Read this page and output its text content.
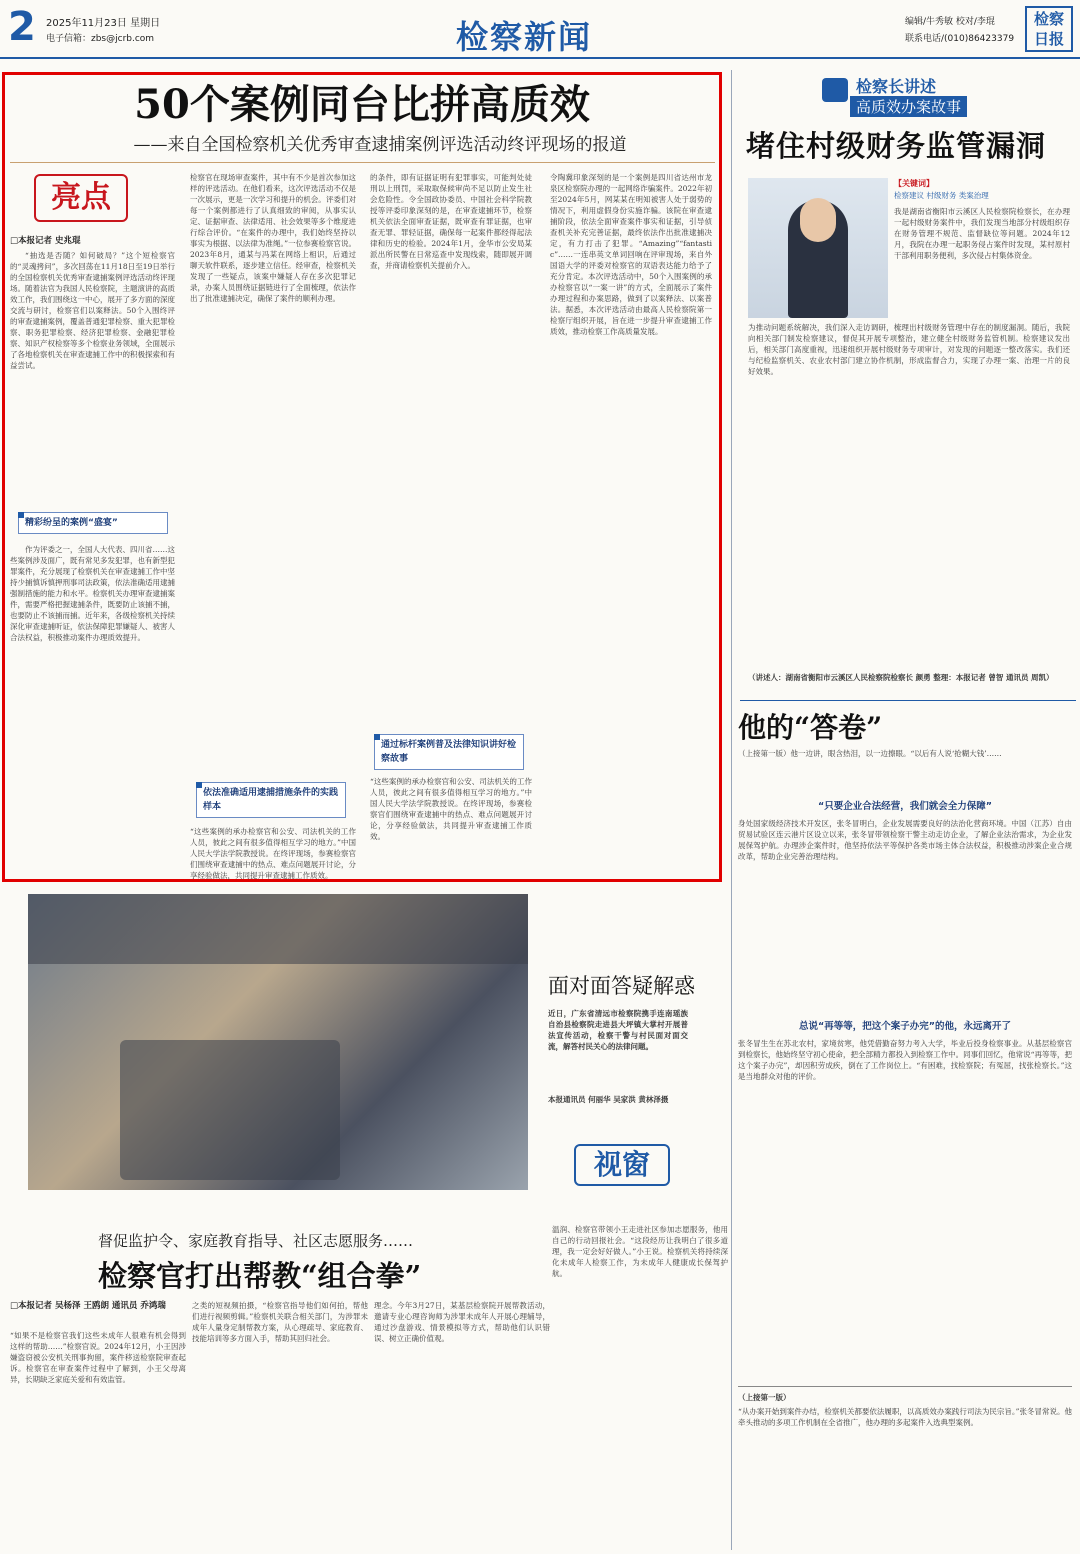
2 2025年11月23日 星期日
电子信箱：zbs@jcrb.com	检察新闻	编辑/牛秀敏 校对/李琨
联系电话/(010)86423379
检察日报
50个案例同台比拼高质效
——来自全国检察机关优秀审查逮捕案例评选活动终评现场的报道
亮点
□本报记者 史兆琨
“抽选是否随？如何破局？”这个短检察官的“灵魂拷问”，多次回荡在11月18日至19日举行的全国检察机关优秀审查逮捕案例评选活动终评现场。随着法官为我国人民检察院，主题演讲的高质效工作，我们围绕这一中心，展开了多方面的深度交流与研讨，检察官们以案释法。50个入围终评的审查逮捕案例，覆盖普通犯罪检察、重大犯罪检察、职务犯罪检察、经济犯罪检察、金融犯罪检察、知识产权检察等多个检察业务领域，全面展示了各地检察机关在审查逮捕工作中的积极探索和有益尝试。
精彩纷呈的案例“盛宴”
作为评委之一，全国人大代表、四川省……这些案例涉及面广，既有常见多发犯罪，也有新型犯罪案件，充分展现了检察机关在审查逮捕工作中坚持少捕慎诉慎押刑事司法政策，依法准确适用逮捕强制措施的能力和水平。检察机关办理审查逮捕案件，需要严格把握逮捕条件，既要防止该捕不捕，也要防止不该捕而捕。近年来，各级检察机关持续深化审查逮捕听证，依法保障犯罪嫌疑人、被害人合法权益，积极推动案件办理质效提升。
检察官在现场审查案件，其中有不少是首次参加这样的评选活动。在他们看来，这次评选活动不仅是一次展示，更是一次学习和提升的机会。评委们对每一个案例都进行了认真细致的审阅，从事实认定、证据审查、法律适用、社会效果等多个维度进行综合评价。“在案件的办理中，我们始终坚持以事实为根据、以法律为准绳。”一位参赛检察官说。2023年8月，通某与冯某在网络上相识，后通过聊天软件联系，逐步建立信任。经审查，检察机关发现了一些疑点，该案中嫌疑人存在多次犯罪记录，办案人员围绕证据链进行了全面梳理，依法作出了批准逮捕决定，确保了案件的顺利办理。
依法准确适用逮捕措施条件的实践样本
“这些案例的承办检察官和公安、司法机关的工作人员，彼此之间有很多值得相互学习的地方。”中国人民大学法学院教授说。在终评现场，参赛检察官们围绕审查逮捕中的热点、难点问题展开讨论，分享经验做法，共同提升审查逮捕工作质效。
的条件，即有证据证明有犯罪事实，可能判处徒刑以上刑罚，采取取保候审尚不足以防止发生社会危险性。令全国政协委员、中国社会科学院教授等评委印象深刻的是，在审查逮捕环节，检察机关依法全面审查证据，既审查有罪证据，也审查无罪、罪轻证据，确保每一起案件都经得起法律和历史的检验。2024年1月，金华市公安局某派出所民警在日常巡查中发现线索，随即展开调查，并商请检察机关提前介入。
通过标杆案例普及法律知识讲好检察故事
“这些案例的承办检察官和公安、司法机关的工作人员，彼此之间有很多值得相互学习的地方。”中国人民大学法学院教授说。在终评现场，参赛检察官们围绕审查逮捕中的热点、难点问题展开讨论，分享经验做法，共同提升审查逮捕工作质效。
令陶冀印象深刻的是一个案例是四川省达州市龙泉区检察院办理的一起网络诈骗案件。2022年初至2024年5月，网某某在明知被害人处于弱势的情况下，利用虚假身份实施诈骗。该院在审查逮捕阶段，依法全面审查案件事实和证据，引导侦查机关补充完善证据，最终依法作出批准逮捕决定，有力打击了犯罪。“Amazing”“fantastic”……一连串英文单词回响在评审现场，来自外国语大学的评委对检察官的双语表达能力给予了充分肯定。本次评选活动中，50个入围案例的承办检察官以“一案一讲”的方式，全面展示了案件办理过程和办案思路，做到了以案释法、以案普法。据悉，本次评选活动由最高人民检察院第一检察厅组织开展，旨在进一步提升审查逮捕工作质效，推动检察工作高质量发展。
检察长讲述
高质效办案故事
堵住村级财务监管漏洞
【关键词】
检察建议 村级财务 类案治理
我是湖南省衡阳市云溪区人民检察院检察长，在办理一起村级财务案件中，我们发现当地部分村级组织存在财务管理不规范、监督缺位等问题。2024年12月，我院在办理一起职务侵占案件时发现，某村原村干部利用职务便利，多次侵占村集体资金。
为推动问题系统解决，我们深入走访调研，梳理出村级财务管理中存在的制度漏洞。随后，我院向相关部门制发检察建议，督促其开展专项整治，建立健全村级财务监管机制。检察建议发出后，相关部门高度重视，迅速组织开展村级财务专项审计，对发现的问题逐一整改落实。我们还与纪检监察机关、农业农村部门建立协作机制，形成监督合力，实现了办理一案、治理一片的良好效果。
（讲述人：湖南省衡阳市云溪区人民检察院检察长 颜勇 整理：本报记者 曾智 通讯员 周凯）
他的“答卷”
（上接第一版）他一边讲，眼含热泪，以一边擦眼。“以后有人说‘抢糊大钱’……
“只要企业合法经营，我们就会全力保障”
身处国家级经济技术开发区，张冬冒明白，企业发展需要良好的法治化营商环境。中国（江苏）自由贸易试验区连云港片区设立以来，张冬冒带领检察干警主动走访企业，了解企业法治需求，为企业发展保驾护航。办理涉企案件时，他坚持依法平等保护各类市场主体合法权益，积极推动涉案企业合规改革，帮助企业完善治理结构。
总说“再等等，把这个案子办完”的他，永远离开了
张冬冒生生在苏北农村，家境贫寒，他凭借勤奋努力考入大学，毕业后投身检察事业。从基层检察官到检察长，他始终坚守初心使命，把全部精力都投入到检察工作中。同事们回忆，他常说“再等等，把这个案子办完”，却因积劳成疾，倒在了工作岗位上。“有困难，找检察院；有冤屈，找张检察长。”这是当地群众对他的评价。
（上接第一版）
“从办案开始到案件办结，检察机关都要依法履职，以高质效办案践行司法为民宗旨。”张冬冒常说。他牵头推动的多项工作机制在全省推广，他办理的多起案件入选典型案例。
面对面答疑解惑
近日，广东省清远市检察院携手连南瑶族自治县检察院走进县大坪镇大掌村开展普法宣传活动，检察干警与村民面对面交流，解答村民关心的法律问题。
本报通讯员 何丽华 吴家洪 黄林泽摄
视窗
督促监护令、家庭教育指导、社区志愿服务……
检察官打出帮教“组合拳”
□本报记者 吴杨泽 王鸥朗 通讯员 乔鸿瑞
“如果不是检察官我们这些未成年人很难有机会得到这样的帮助……”检察官说。2024年12月，小王因涉嫌盗窃被公安机关刑事拘留，案件移送检察院审查起诉。检察官在审查案件过程中了解到，小王父母离异，长期缺乏家庭关爱和有效监管。
之类的短视频拍摄，“检察官指导他们如何拍，帮他们进行视频剪辑。”检察机关联合相关部门，为涉罪未成年人量身定制帮教方案，从心理疏导、家庭教育、技能培训等多方面入手，帮助其回归社会。
理念。今年3月27日，某基层检察院开展帮教活动，邀请专业心理咨询师为涉罪未成年人开展心理辅导，通过沙盘游戏、情景模拟等方式，帮助他们认识错误、树立正确价值观。
温润、检察官带领小王走进社区参加志愿服务，他用自己的行动回报社会。“这段经历让我明白了很多道理，我一定会好好做人。”小王说。检察机关将持续深化未成年人检察工作，为未成年人健康成长保驾护航。
